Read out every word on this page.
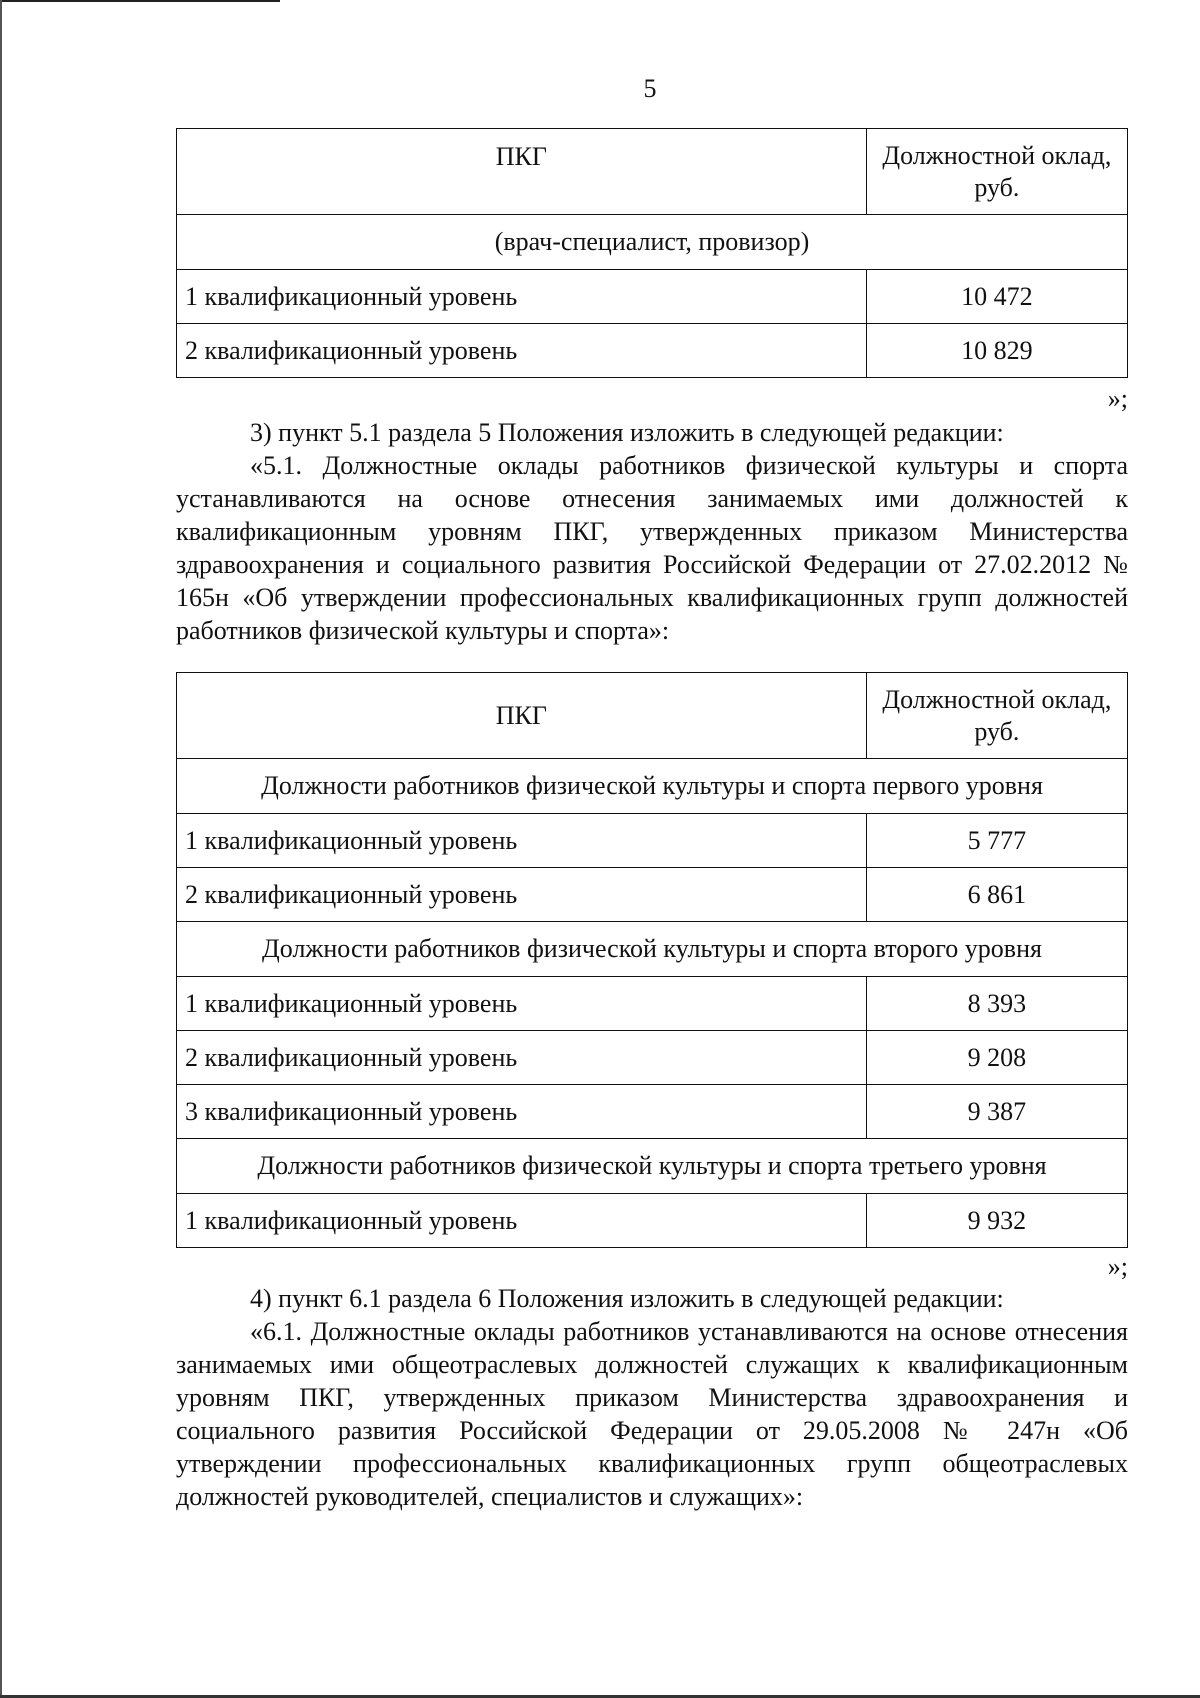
5
ПКГ	Должностной оклад, руб.
(врач-специалист, провизор)	
1 квалификационный уровень	10 472
2 квалификационный уровень	10 829
»;

3) пункт 5.1 раздела 5 Положения изложить в следующей редакции:

«5.1. Должностные оклады работников физической культуры и спорта устанавливаются на основе отнесения занимаемых ими должностей к квалификационным уровням ПКГ, утвержденных приказом Министерства здравоохранения и социального развития Российской Федерации от 27.02.2012 № 165н «Об утверждении профессиональных квалификационных групп должностей работников физической культуры и спорта»:

ПКГ	Должностной оклад, руб.
Должности работников физической культуры и спорта первого уровня	
1 квалификационный уровень	5 777
2 квалификационный уровень	6 861
Должности работников физической культуры и спорта второго уровня	
1 квалификационный уровень	8 393
2 квалификационный уровень	9 208
3 квалификационный уровень	9 387
Должности работников физической культуры и спорта третьего уровня	
1 квалификационный уровень	9 932
»;

4) пункт 6.1 раздела 6 Положения изложить в следующей редакции:

«6.1. Должностные оклады работников устанавливаются на основе отнесения занимаемых ими общеотраслевых должностей служащих к квалификационным уровням ПКГ, утвержденных приказом Министерства здравоохранения и социального развития Российской Федерации от 29.05.2008 № 247н «Об утверждении профессиональных квалификационных групп общеотраслевых должностей руководителей, специалистов и служащих»:
